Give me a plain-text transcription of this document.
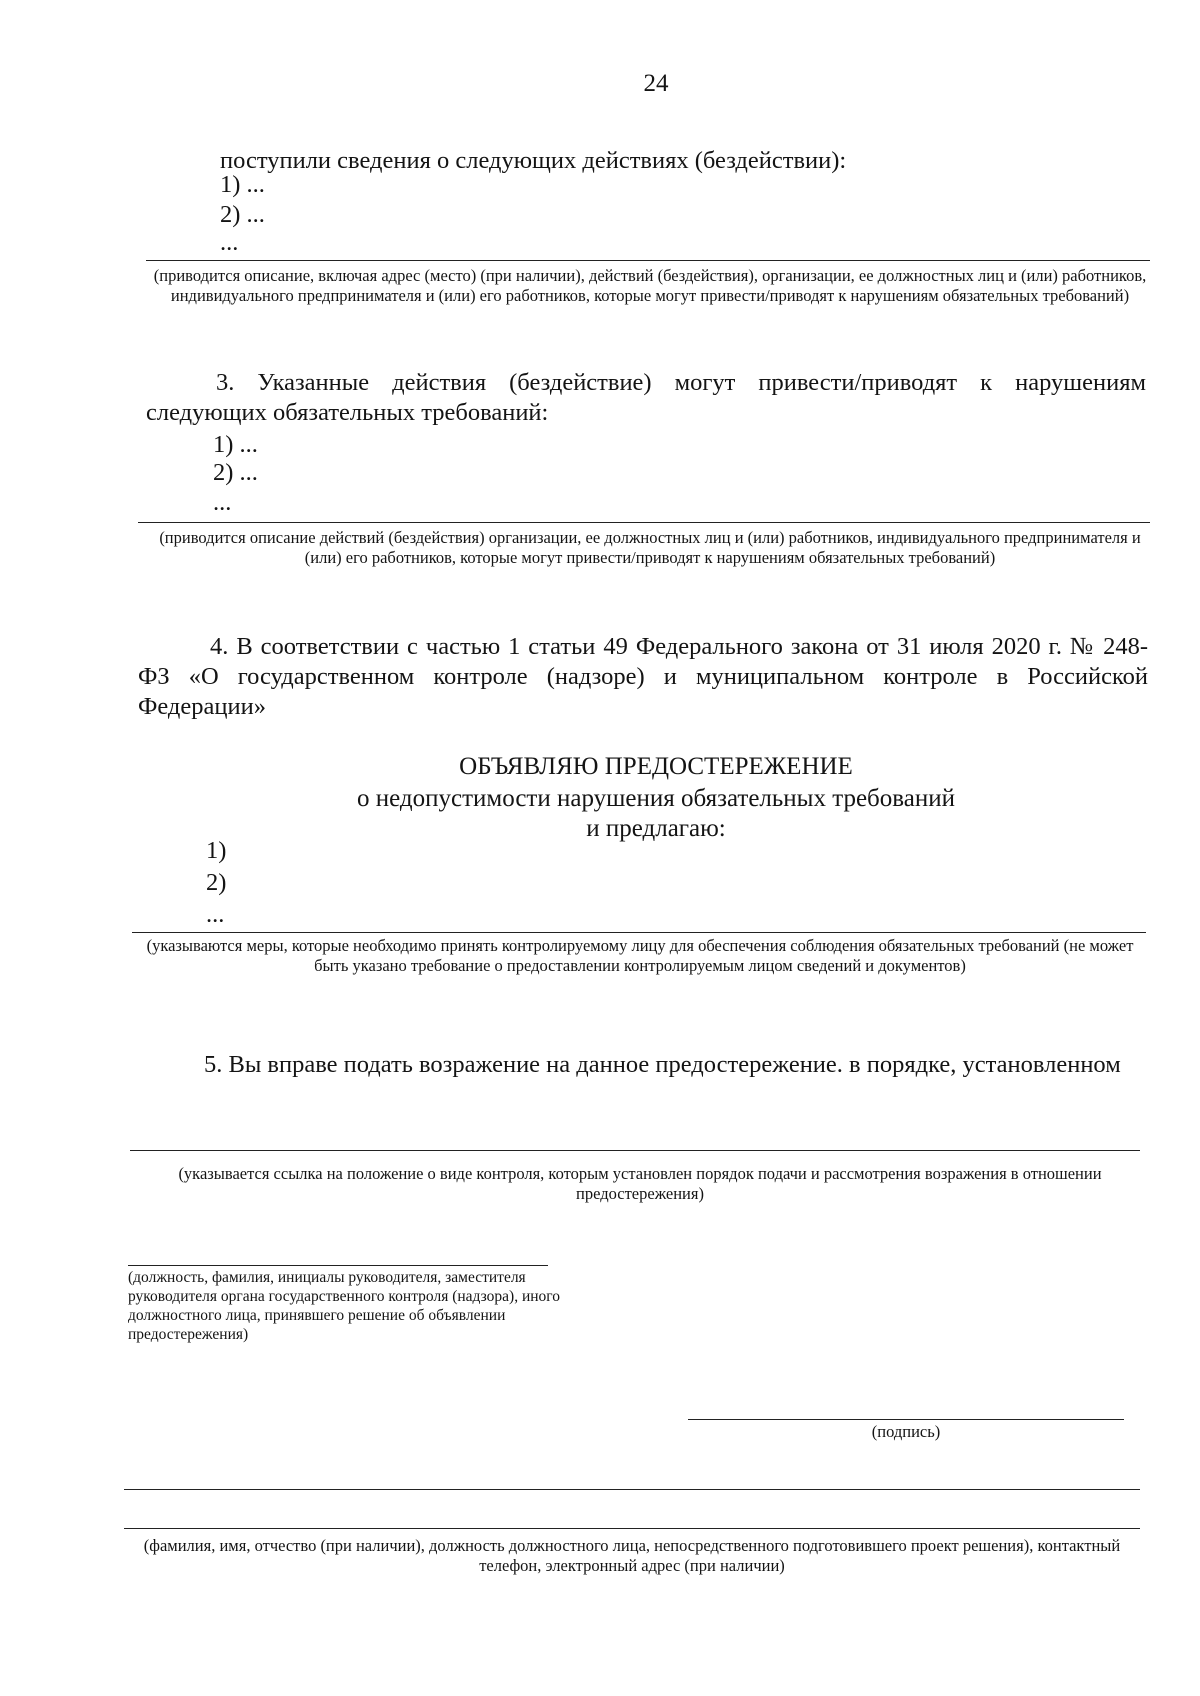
24
поступили сведения о следующих действиях (бездействии):
1) ...
2) ...
...
(приводится описание, включая адрес (место) (при наличии), действий (бездействия), организации, ее должностных лиц и (или) работников, индивидуального предпринимателя и (или) его работников, которые могут привести/приводят к нарушениям обязательных требований)
3. Указанные действия (бездействие) могут привести/приводят к нарушениям следующих обязательных требований:
1) ...
2) ...
...
(приводится описание действий (бездействия) организации, ее должностных лиц и (или) работников, индивидуального предпринимателя и (или) его работников, которые могут привести/приводят к нарушениям обязательных требований)
4. В соответствии с частью 1 статьи 49 Федерального закона от 31 июля 2020 г. № 248-ФЗ «О государственном контроле (надзоре) и муниципальном контроле в Российской Федерации»
ОБЪЯВЛЯЮ ПРЕДОСТЕРЕЖЕНИЕ
о недопустимости нарушения обязательных требований
и предлагаю:
1)
2)
...
(указываются меры, которые необходимо принять контролируемому лицу для обеспечения соблюдения обязательных требований (не может быть указано требование о предоставлении контролируемым лицом сведений и документов)
5. Вы вправе подать возражение на данное предостережение. в порядке, установленном
(указывается ссылка на положение о виде контроля, которым установлен порядок подачи и рассмотрения возражения в отношении предостережения)
(должность, фамилия, инициалы руководителя, заместителя руководителя органа государственного контроля (надзора), иного должностного лица, принявшего решение об объявлении предостережения)
(подпись)
(фамилия, имя, отчество (при наличии), должность должностного лица, непосредственного подготовившего проект решения), контактный телефон, электронный адрес (при наличии)
